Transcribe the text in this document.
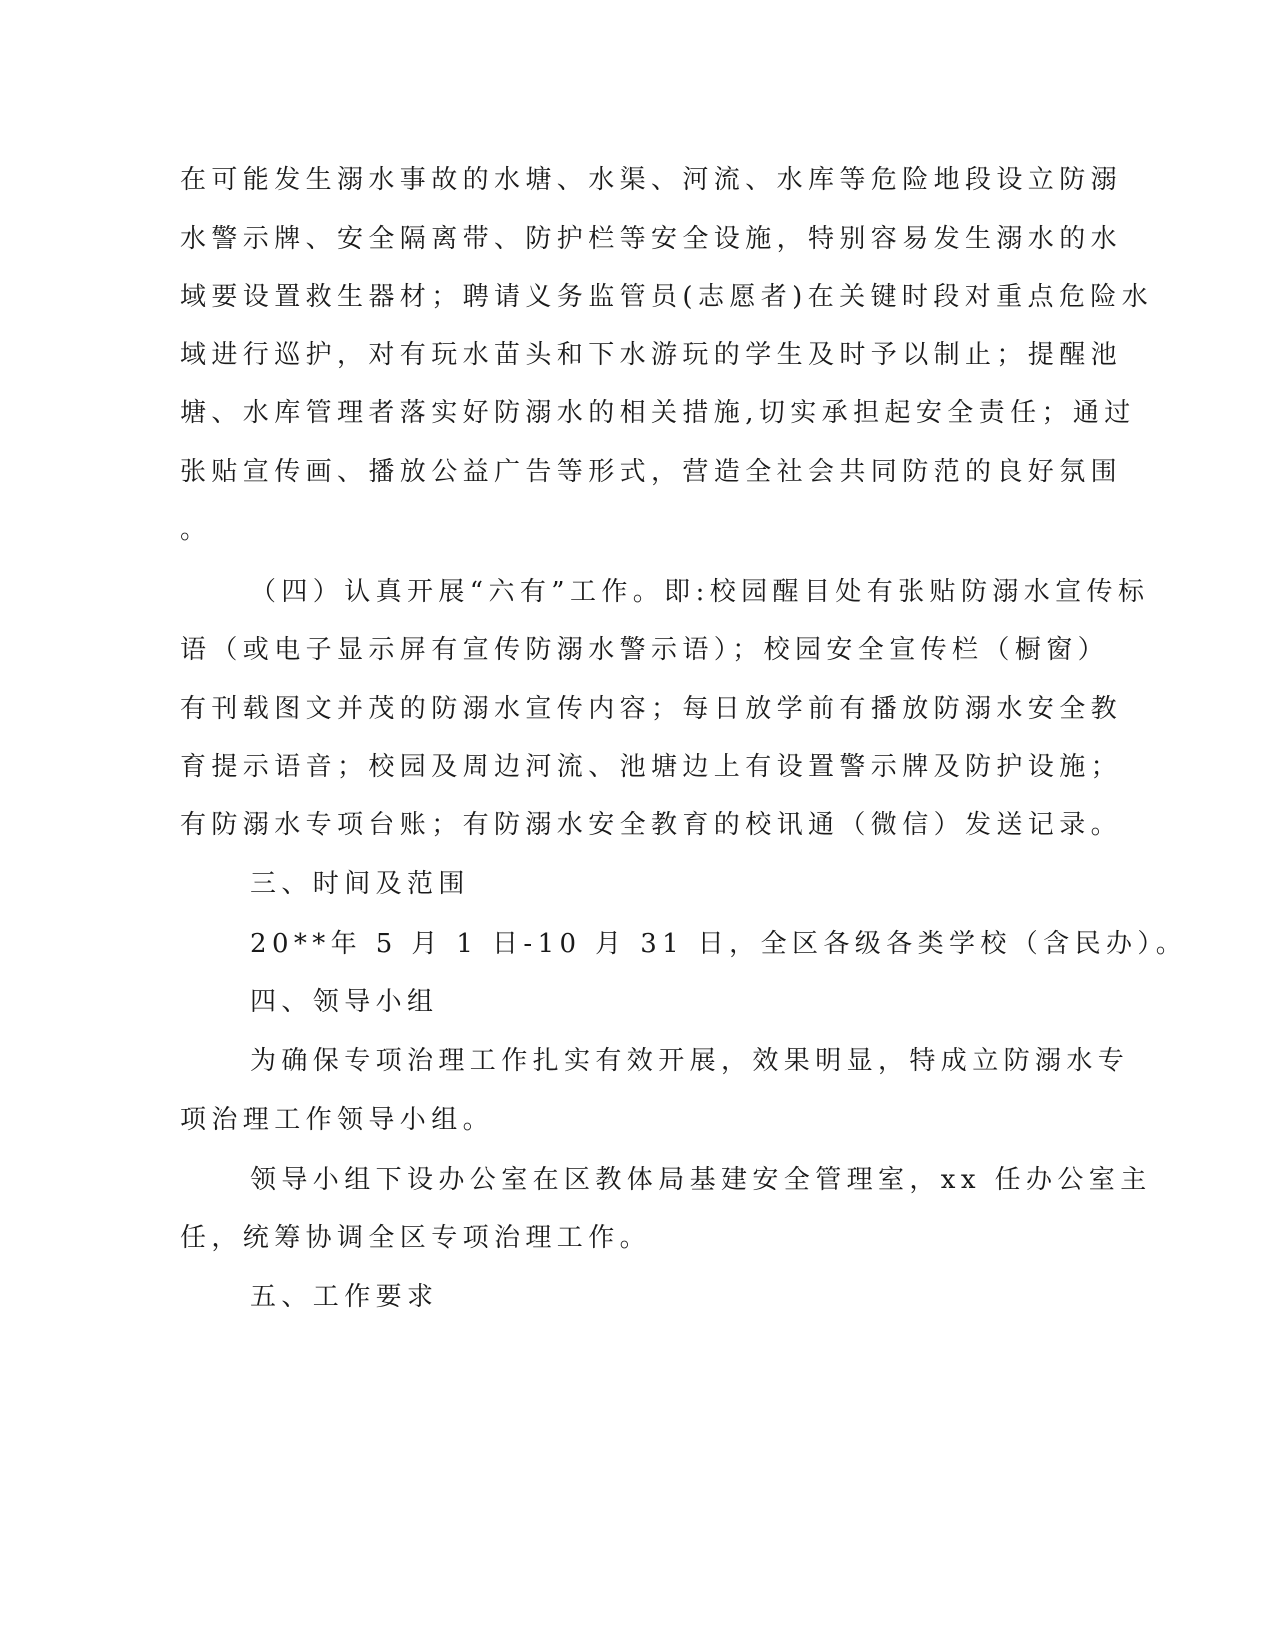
在可能发生溺水事故的水塘、水渠、河流、水库等危险地段设立防溺

水警示牌、安全隔离带、防护栏等安全设施，特别容易发生溺水的水

域要设置救生器材；聘请义务监管员(志愿者)在关键时段对重点危险水

域进行巡护，对有玩水苗头和下水游玩的学生及时予以制止；提醒池

塘、水库管理者落实好防溺水的相关措施,切实承担起安全责任；通过

张贴宣传画、播放公益广告等形式，营造全社会共同防范的良好氛围

。

（四）认真开展“六有”工作。即:校园醒目处有张贴防溺水宣传标

语（或电子显示屏有宣传防溺水警示语）；校园安全宣传栏（橱窗）

有刊载图文并茂的防溺水宣传内容；每日放学前有播放防溺水安全教

育提示语音；校园及周边河流、池塘边上有设置警示牌及防护设施；

有防溺水专项台账；有防溺水安全教育的校讯通（微信）发送记录。

三、时间及范围

20**年 5 月 1 日-10 月 31 日，全区各级各类学校（含民办）。

四、领导小组

为确保专项治理工作扎实有效开展，效果明显，特成立防溺水专

项治理工作领导小组。

领导小组下设办公室在区教体局基建安全管理室，xx 任办公室主

任，统筹协调全区专项治理工作。

五、工作要求
